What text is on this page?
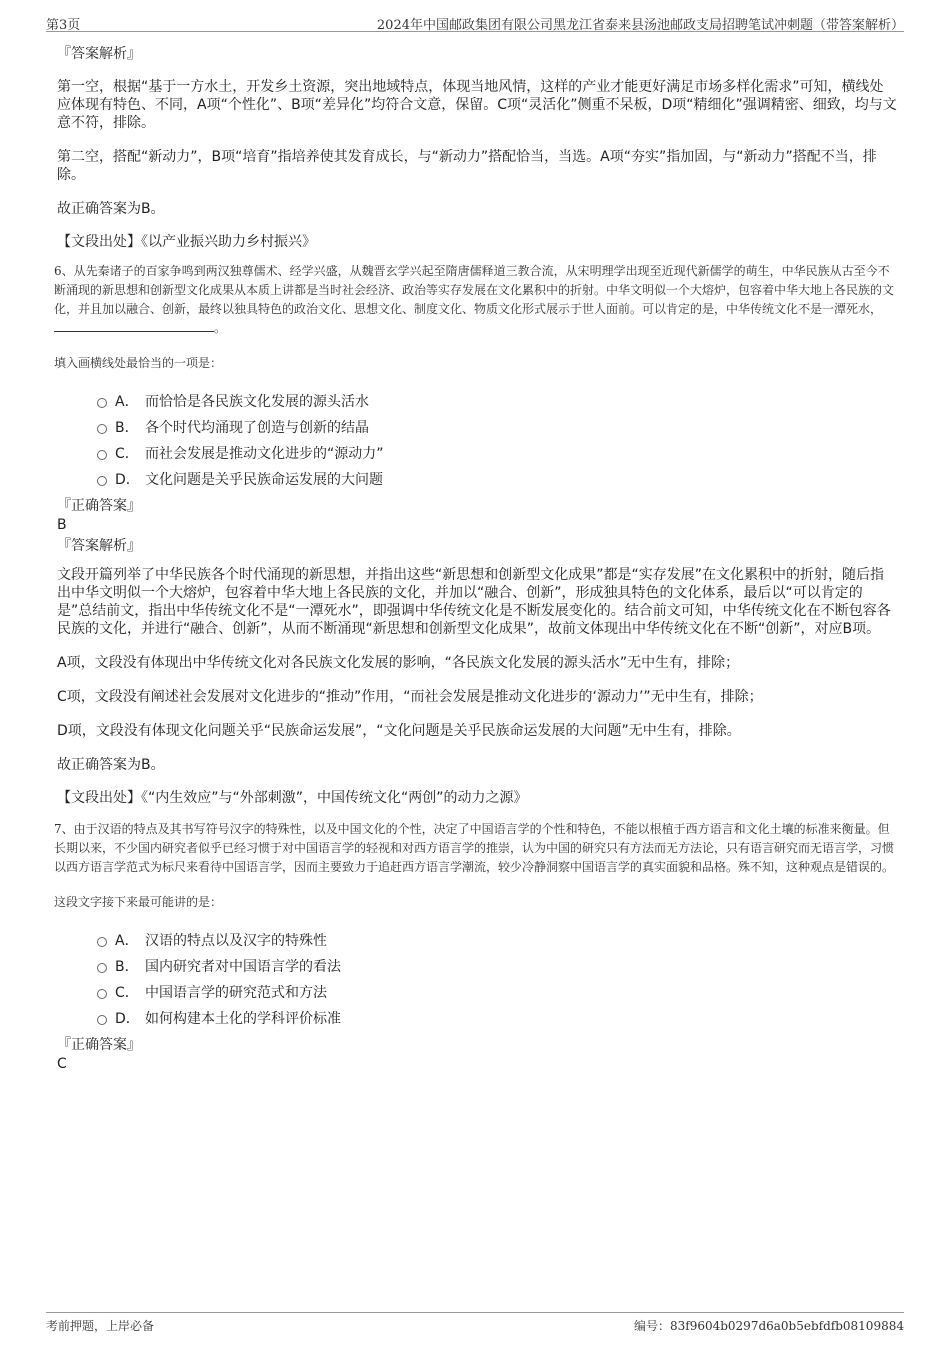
第3页	2024年中国邮政集团有限公司黑龙江省泰来县汤池邮政支局招聘笔试冲刺题（带答案解析）
『答案解析』
第一空，根据“基于一方水土，开发乡土资源，突出地域特点，体现当地风情，这样的产业才能更好满足市场多样化需求”可知，横线处应体现有特色、不同，A项“个性化”、B项“差异化”均符合文意，保留。C项“灵活化”侧重不呆板，D项“精细化”强调精密、细致，均与文意不符，排除。
第二空，搭配“新动力”，B项“培育”指培养使其发育成长，与“新动力”搭配恰当，当选。A项“夯实”指加固，与“新动力”搭配不当，排除。
故正确答案为B。
【文段出处】《以产业振兴助力乡村振兴》
6、从先秦诸子的百家争鸣到两汉独尊儒术、经学兴盛，从魏晋玄学兴起至隋唐儒释道三教合流，从宋明理学出现至近现代新儒学的萌生，中华民族从古至今不断涌现的新思想和创新型文化成果从本质上讲都是当时社会经济、政治等实存发展在文化累积中的折射。中华文明似一个大熔炉，包容着中华大地上各民族的文化，并且加以融合、创新，最终以独具特色的政治文化、思想文化、制度文化、物质文化形式展示于世人面前。可以肯定的是，中华传统文化不是一潭死水，。
填入画横线处最恰当的一项是：
A． 而恰恰是各民族文化发展的源头活水
B． 各个时代均涌现了创造与创新的结晶
C． 而社会发展是推动文化进步的“源动力”
D． 文化问题是关乎民族命运发展的大问题
『正确答案』
B
『答案解析』
文段开篇列举了中华民族各个时代涌现的新思想，并指出这些“新思想和创新型文化成果”都是“实存发展”在文化累积中的折射，随后指出中华文明似一个大熔炉，包容着中华大地上各民族的文化，并加以“融合、创新”，形成独具特色的文化体系，最后以“可以肯定的是”总结前文，指出中华传统文化不是“一潭死水”，即强调中华传统文化是不断发展变化的。结合前文可知，中华传统文化在不断包容各民族的文化，并进行“融合、创新”，从而不断涌现“新思想和创新型文化成果”，故前文体现出中华传统文化在不断“创新”，对应B项。
A项，文段没有体现出中华传统文化对各民族文化发展的影响，“各民族文化发展的源头活水”无中生有，排除；
C项，文段没有阐述社会发展对文化进步的“推动”作用，“而社会发展是推动文化进步的‘源动力’”无中生有，排除；
D项，文段没有体现文化问题关乎“民族命运发展”，“文化问题是关乎民族命运发展的大问题”无中生有，排除。
故正确答案为B。
【文段出处】《“内生效应”与“外部刺激”，中国传统文化“两创”的动力之源》
7、由于汉语的特点及其书写符号汉字的特殊性，以及中国文化的个性，决定了中国语言学的个性和特色，不能以根植于西方语言和文化土壤的标准来衡量。但长期以来，不少国内研究者似乎已经习惯于对中国语言学的轻视和对西方语言学的推崇，认为中国的研究只有方法而无方法论，只有语言研究而无语言学，习惯以西方语言学范式为标尺来看待中国语言学，因而主要致力于追赶西方语言学潮流，较少冷静洞察中国语言学的真实面貌和品格。殊不知，这种观点是错误的。
这段文字接下来最可能讲的是：
A． 汉语的特点以及汉字的特殊性
B． 国内研究者对中国语言学的看法
C． 中国语言学的研究范式和方法
D． 如何构建本土化的学科评价标准
『正确答案』
C
考前押题，上岸必备	编号：83f9604b0297d6a0b5ebfdfb08109884
